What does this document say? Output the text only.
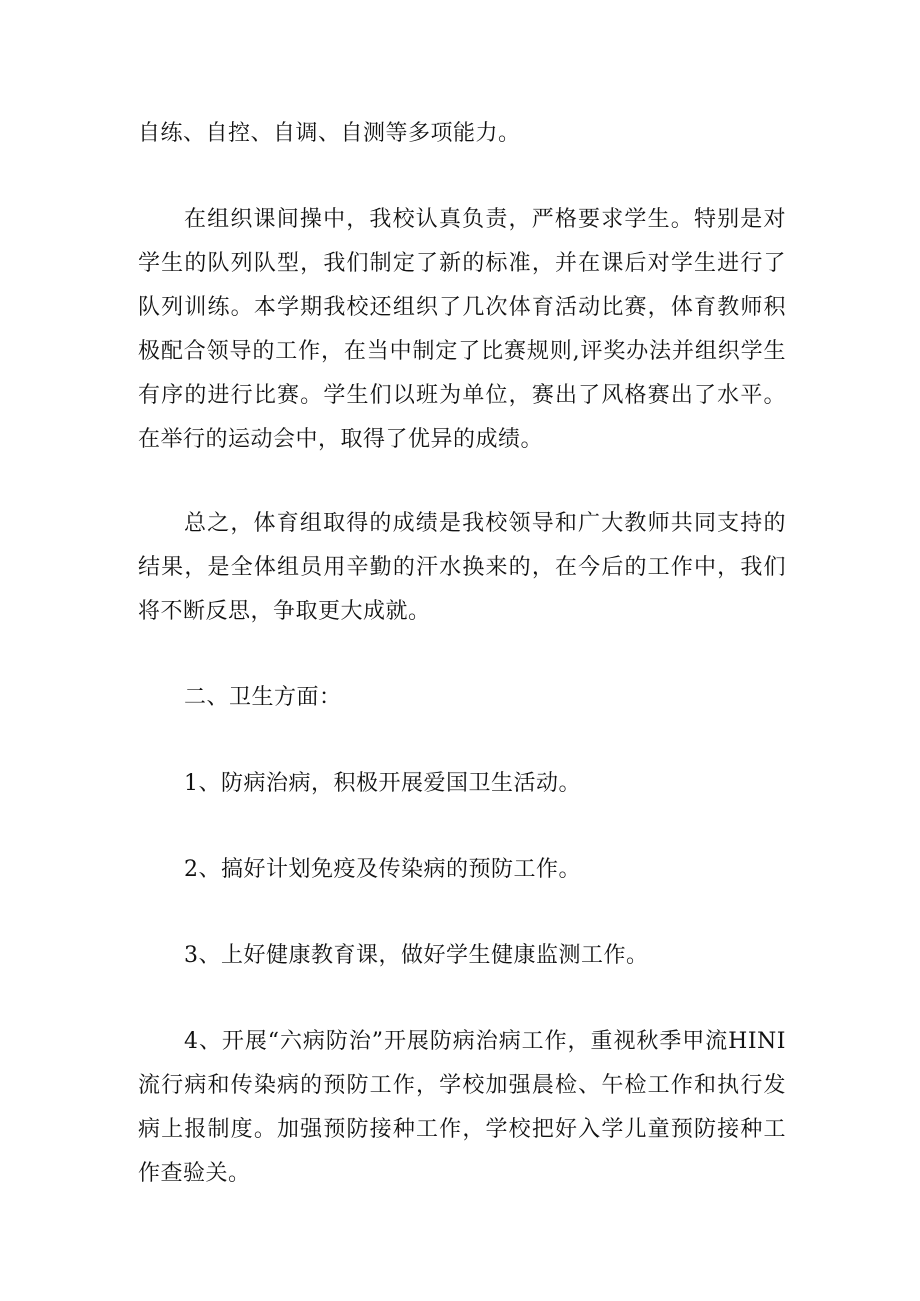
自练、自控、自调、自测等多项能力。

在组织课间操中，我校认真负责，严格要求学生。特别是对学生的队列队型，我们制定了新的标准，并在课后对学生进行了队列训练。本学期我校还组织了几次体育活动比赛，体育教师积极配合领导的工作，在当中制定了比赛规则,评奖办法并组织学生有序的进行比赛。学生们以班为单位，赛出了风格赛出了水平。在举行的运动会中，取得了优异的成绩。

总之，体育组取得的成绩是我校领导和广大教师共同支持的结果，是全体组员用辛勤的汗水换来的，在今后的工作中，我们将不断反思，争取更大成就。

二、卫生方面：

1、防病治病，积极开展爱国卫生活动。

2、搞好计划免疫及传染病的预防工作。

3、上好健康教育课，做好学生健康监测工作。

4、开展“六病防治”开展防病治病工作，重视秋季甲流HINI流行病和传染病的预防工作，学校加强晨检、午检工作和执行发病上报制度。加强预防接种工作，学校把好入学儿童预防接种工作查验关。
